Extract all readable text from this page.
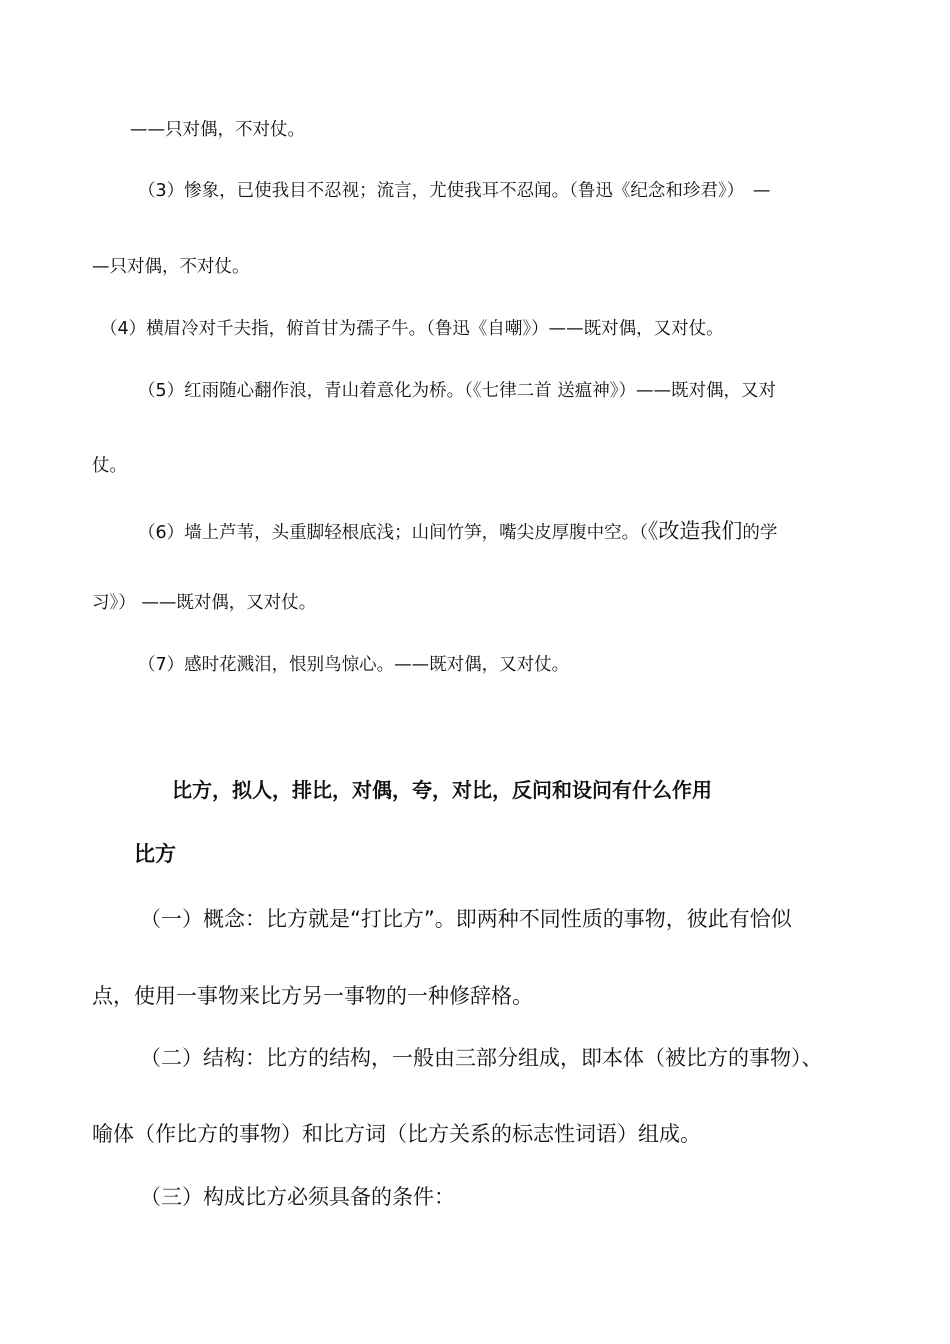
——只对偶，不对仗。

（3）惨象，已使我目不忍视；流言，尤使我耳不忍闻。（鲁迅《纪念和珍君》）　—

—只对偶，不对仗。

（4）横眉冷对千夫指，俯首甘为孺子牛。（鲁迅《自嘲》）——既对偶，又对仗。

（5）红雨随心翻作浪，青山着意化为桥。（《七律二首 送瘟神》）——既对偶，又对

仗。

（6）墙上芦苇，头重脚轻根底浅；山间竹笋，嘴尖皮厚腹中空。（《改造我们的学

习》） ——既对偶，又对仗。

（7）感时花溅泪，恨别鸟惊心。——既对偶，又对仗。

比方，拟人，排比，对偶，夸，对比，反问和设问有什么作用

比方

（一）概念：比方就是“打比方”。即两种不同性质的事物，彼此有恰似

点，使用一事物来比方另一事物的一种修辞格。

（二）结构：比方的结构，一般由三部分组成，即本体（被比方的事物）、

喻体（作比方的事物）和比方词（比方关系的标志性词语）组成。

（三）构成比方必须具备的条件：
